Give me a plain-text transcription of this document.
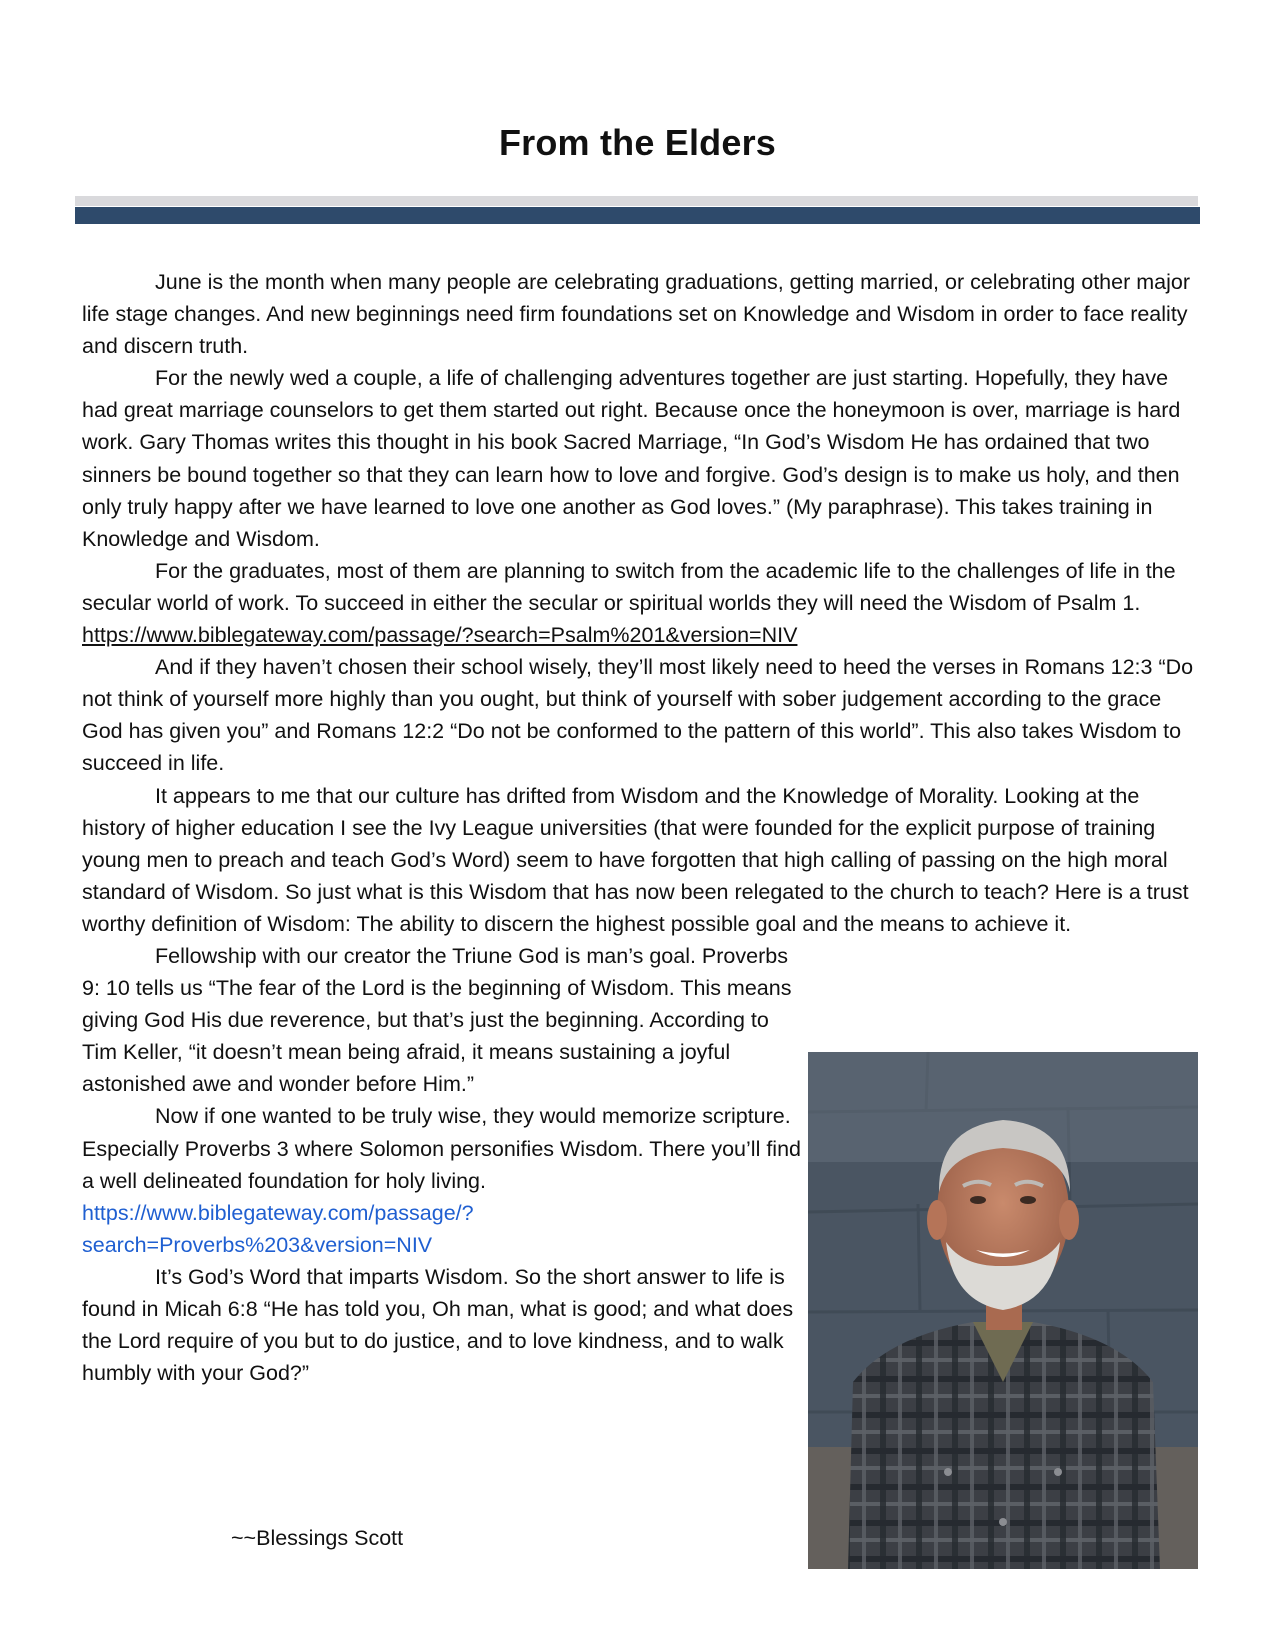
From the Elders

June is the month when many people are celebrating graduations, getting married, or celebrating other major life stage changes. And new beginnings need firm foundations set on Knowledge and Wisdom in order to face reality and discern truth.

For the newly wed a couple, a life of challenging adventures together are just starting. Hopefully, they have had great marriage counselors to get them started out right. Because once the honeymoon is over, marriage is hard work. Gary Thomas writes this thought in his book Sacred Marriage, “In God’s Wisdom He has ordained that two sinners be bound together so that they can learn how to love and forgive. God’s design is to make us holy, and then only truly happy after we have learned to love one another as God loves.” (My paraphrase). This takes training in Knowledge and Wisdom.

For the graduates, most of them are planning to switch from the academic life to the challenges of life in the secular world of work. To succeed in either the secular or spiritual worlds they will need the Wisdom of Psalm 1. https://www.biblegateway.com/passage/?search=Psalm%201&version=NIV

And if they haven’t chosen their school wisely, they’ll most likely need to heed the verses in Romans 12:3 “Do not think of yourself more highly than you ought, but think of yourself with sober judgement according to the grace God has given you” and Romans 12:2 “Do not be conformed to the pattern of this world”. This also takes Wisdom to succeed in life.

It appears to me that our culture has drifted from Wisdom and the Knowledge of Morality. Looking at the history of higher education I see the Ivy League universities (that were founded for the explicit purpose of training young men to preach and teach God’s Word) seem to have forgotten that high calling of passing on the high moral standard of Wisdom. So just what is this Wisdom that has now been relegated to the church to teach? Here is a trust worthy definition of Wisdom: The ability to discern the highest possible goal and the means to achieve it.

Fellowship with our creator the Triune God is man’s goal. Proverbs 9: 10 tells us “The fear of the Lord is the beginning of Wisdom. This means giving God His due reverence, but that’s just the beginning. According to Tim Keller, “it doesn’t mean being afraid, it means sustaining a joyful astonished awe and wonder before Him.”

Now if one wanted to be truly wise, they would memorize scripture. Especially Proverbs 3 where Solomon personifies Wisdom. There you’ll find a well delineated foundation for holy living. https://www.biblegateway.com/passage/?search=Proverbs%203&version=NIV

It’s God’s Word that imparts Wisdom. So the short answer to life is found in Micah 6:8 “He has told you, Oh man, what is good; and what does the Lord require of you but to do justice, and to love kindness, and to walk humbly with your God?”

~~Blessings Scott
